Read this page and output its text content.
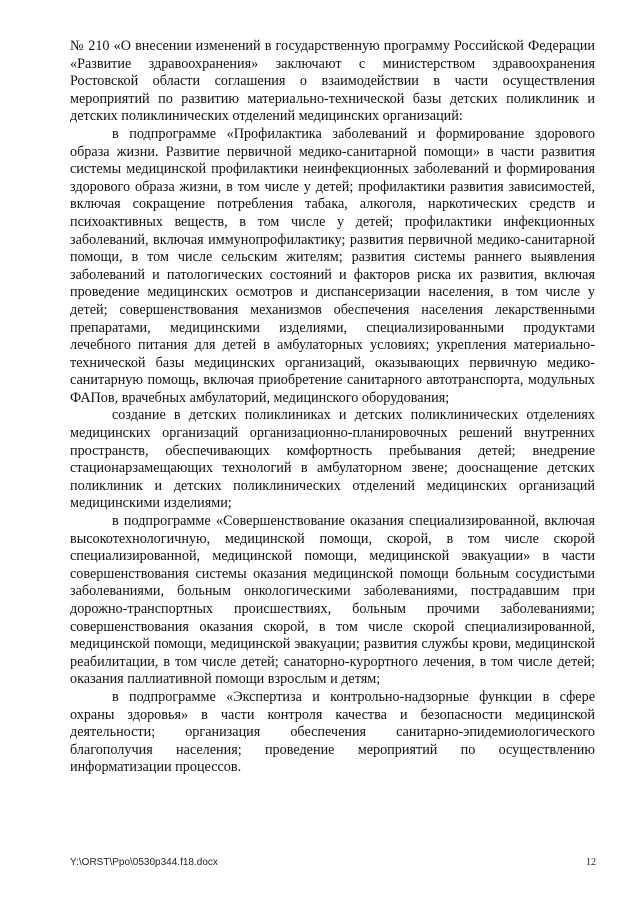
№ 210 «О внесении изменений в государственную программу Российской Федерации «Развитие здравоохранения» заключают с министерством здравоохранения Ростовской области соглашения о взаимодействии в части осуществления мероприятий по развитию материально-технической базы детских поликлиник и детских поликлинических отделений медицинских организаций:

в подпрограмме «Профилактика заболеваний и формирование здорового образа жизни. Развитие первичной медико-санитарной помощи» в части развития системы медицинской профилактики неинфекционных заболеваний и формирования здорового образа жизни, в том числе у детей; профилактики развития зависимостей, включая сокращение потребления табака, алкоголя, наркотических средств и психоактивных веществ, в том числе у детей; профилактики инфекционных заболеваний, включая иммунопрофилактику; развития первичной медико-санитарной помощи, в том числе сельским жителям; развития системы раннего выявления заболеваний и патологических состояний и факторов риска их развития, включая проведение медицинских осмотров и диспансеризации населения, в том числе у детей; совершенствования механизмов обеспечения населения лекарственными препаратами, медицинскими изделиями, специализированными продуктами лечебного питания для детей в амбулаторных условиях; укрепления материально-технической базы медицинских организаций, оказывающих первичную медико-санитарную помощь, включая приобретение санитарного автотранспорта, модульных ФАПов, врачебных амбулаторий, медицинского оборудования;

создание в детских поликлиниках и детских поликлинических отделениях медицинских организаций организационно-планировочных решений внутренних пространств, обеспечивающих комфортность пребывания детей; внедрение стационарзамещающих технологий в амбулаторном звене; дооснащение детских поликлиник и детских поликлинических отделений медицинских организаций медицинскими изделиями;

в подпрограмме «Совершенствование оказания специализированной, включая высокотехнологичную, медицинской помощи, скорой, в том числе скорой специализированной, медицинской помощи, медицинской эвакуации» в части совершенствования системы оказания медицинской помощи больным сосудистыми заболеваниями, больным онкологическими заболеваниями, пострадавшим при дорожно-транспортных происшествиях, больным прочими заболеваниями; совершенствования оказания скорой, в том числе скорой специализированной, медицинской помощи, медицинской эвакуации; развития службы крови, медицинской реабилитации, в том числе детей; санаторно-курортного лечения, в том числе детей; оказания паллиативной помощи взрослым и детям;

в подпрограмме «Экспертиза и контрольно-надзорные функции в сфере охраны здоровья» в части контроля качества и безопасности медицинской деятельности; организация обеспечения санитарно-эпидемиологического благополучия населения; проведение мероприятий по осуществлению информатизации процессов.

Y:\ORST\Ppo\0530p344.f18.docx	12
